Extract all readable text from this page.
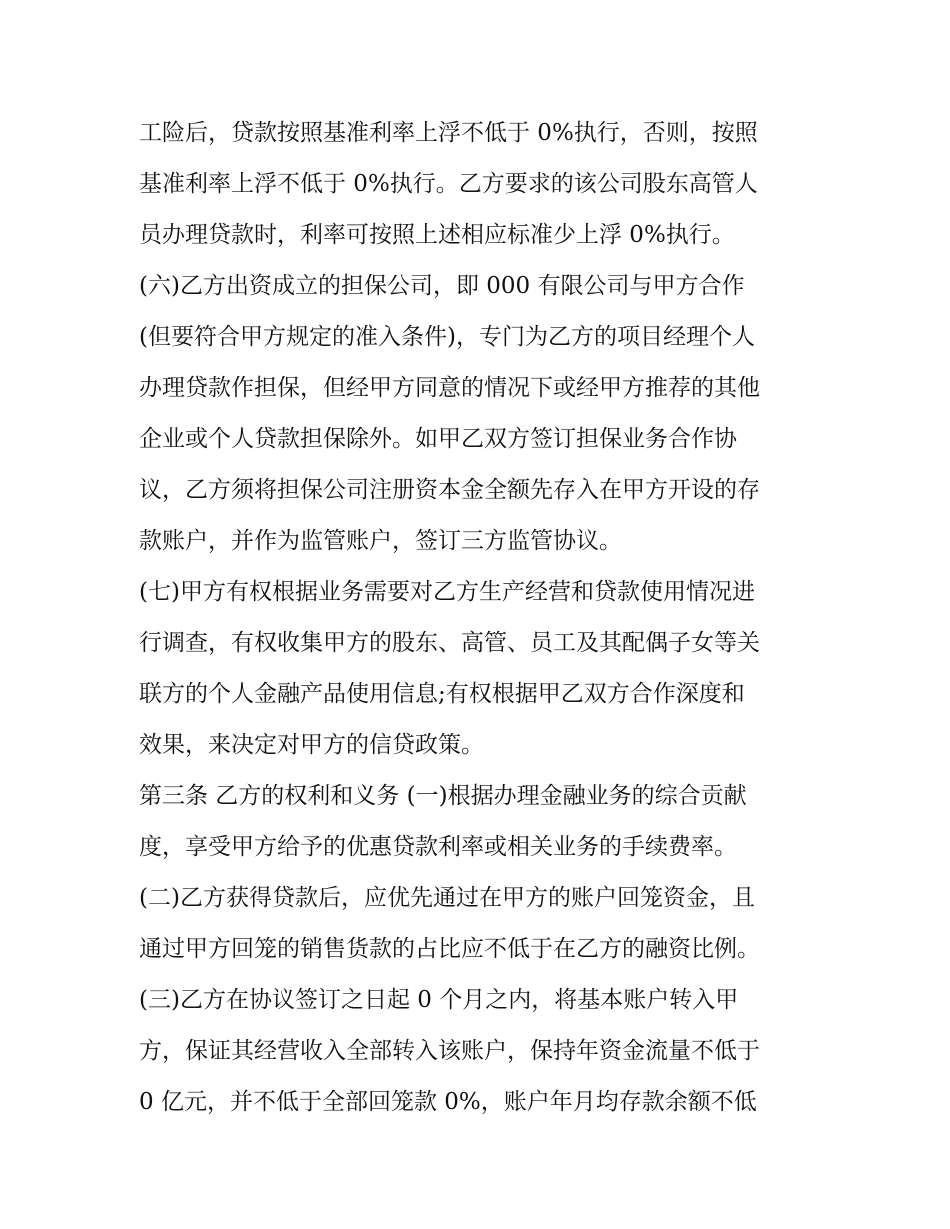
工险后，贷款按照基准利率上浮不低于 0%执行，否则，按照
基准利率上浮不低于 0%执行。乙方要求的该公司股东高管人
员办理贷款时，利率可按照上述相应标准少上浮 0%执行。
(六)乙方出资成立的担保公司，即 000 有限公司与甲方合作
(但要符合甲方规定的准入条件)，专门为乙方的项目经理个人
办理贷款作担保，但经甲方同意的情况下或经甲方推荐的其他
企业或个人贷款担保除外。如甲乙双方签订担保业务合作协
议，乙方须将担保公司注册资本金全额先存入在甲方开设的存
款账户，并作为监管账户，签订三方监管协议。
(七)甲方有权根据业务需要对乙方生产经营和贷款使用情况进
行调查，有权收集甲方的股东、高管、员工及其配偶子女等关
联方的个人金融产品使用信息;有权根据甲乙双方合作深度和
效果，来决定对甲方的信贷政策。
第三条 乙方的权利和义务 (一)根据办理金融业务的综合贡献
度，享受甲方给予的优惠贷款利率或相关业务的手续费率。
(二)乙方获得贷款后，应优先通过在甲方的账户回笼资金，且
通过甲方回笼的销售货款的占比应不低于在乙方的融资比例。
(三)乙方在协议签订之日起 0 个月之内，将基本账户转入甲
方，保证其经营收入全部转入该账户，保持年资金流量不低于
0 亿元，并不低于全部回笼款 0%，账户年月均存款余额不低
